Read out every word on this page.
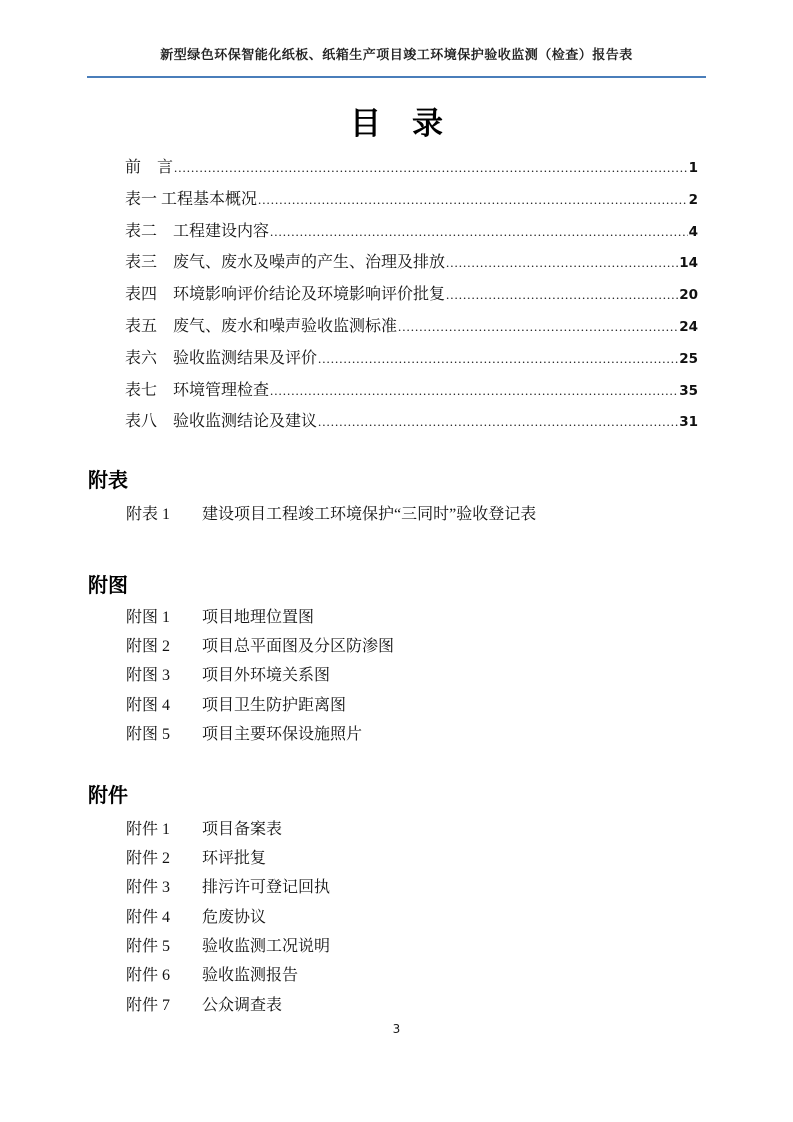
新型绿色环保智能化纸板、纸箱生产项目竣工环境保护验收监测（检查）报告表
目　录
前　言 .....	1
表一 工程基本概况 .....	2
表二　工程建设内容 .....	4
表三　废气、废水及噪声的产生、治理及排放 .....	14
表四　环境影响评价结论及环境影响评价批复 .....	20
表五　废气、废水和噪声验收监测标准 .....	24
表六　验收监测结果及评价 .....	25
表七　环境管理检查 .....	35
表八　验收监测结论及建议 .....	31
附表
附表 1	建设项目工程竣工环境保护“三同时”验收登记表
附图
附图 1	项目地理位置图
附图 2	项目总平面图及分区防渗图
附图 3	项目外环境关系图
附图 4	项目卫生防护距离图
附图 5	项目主要环保设施照片
附件
附件 1	项目备案表
附件 2	环评批复
附件 3	排污许可登记回执
附件 4	危废协议
附件 5	验收监测工况说明
附件 6	验收监测报告
附件 7	公众调查表
3
